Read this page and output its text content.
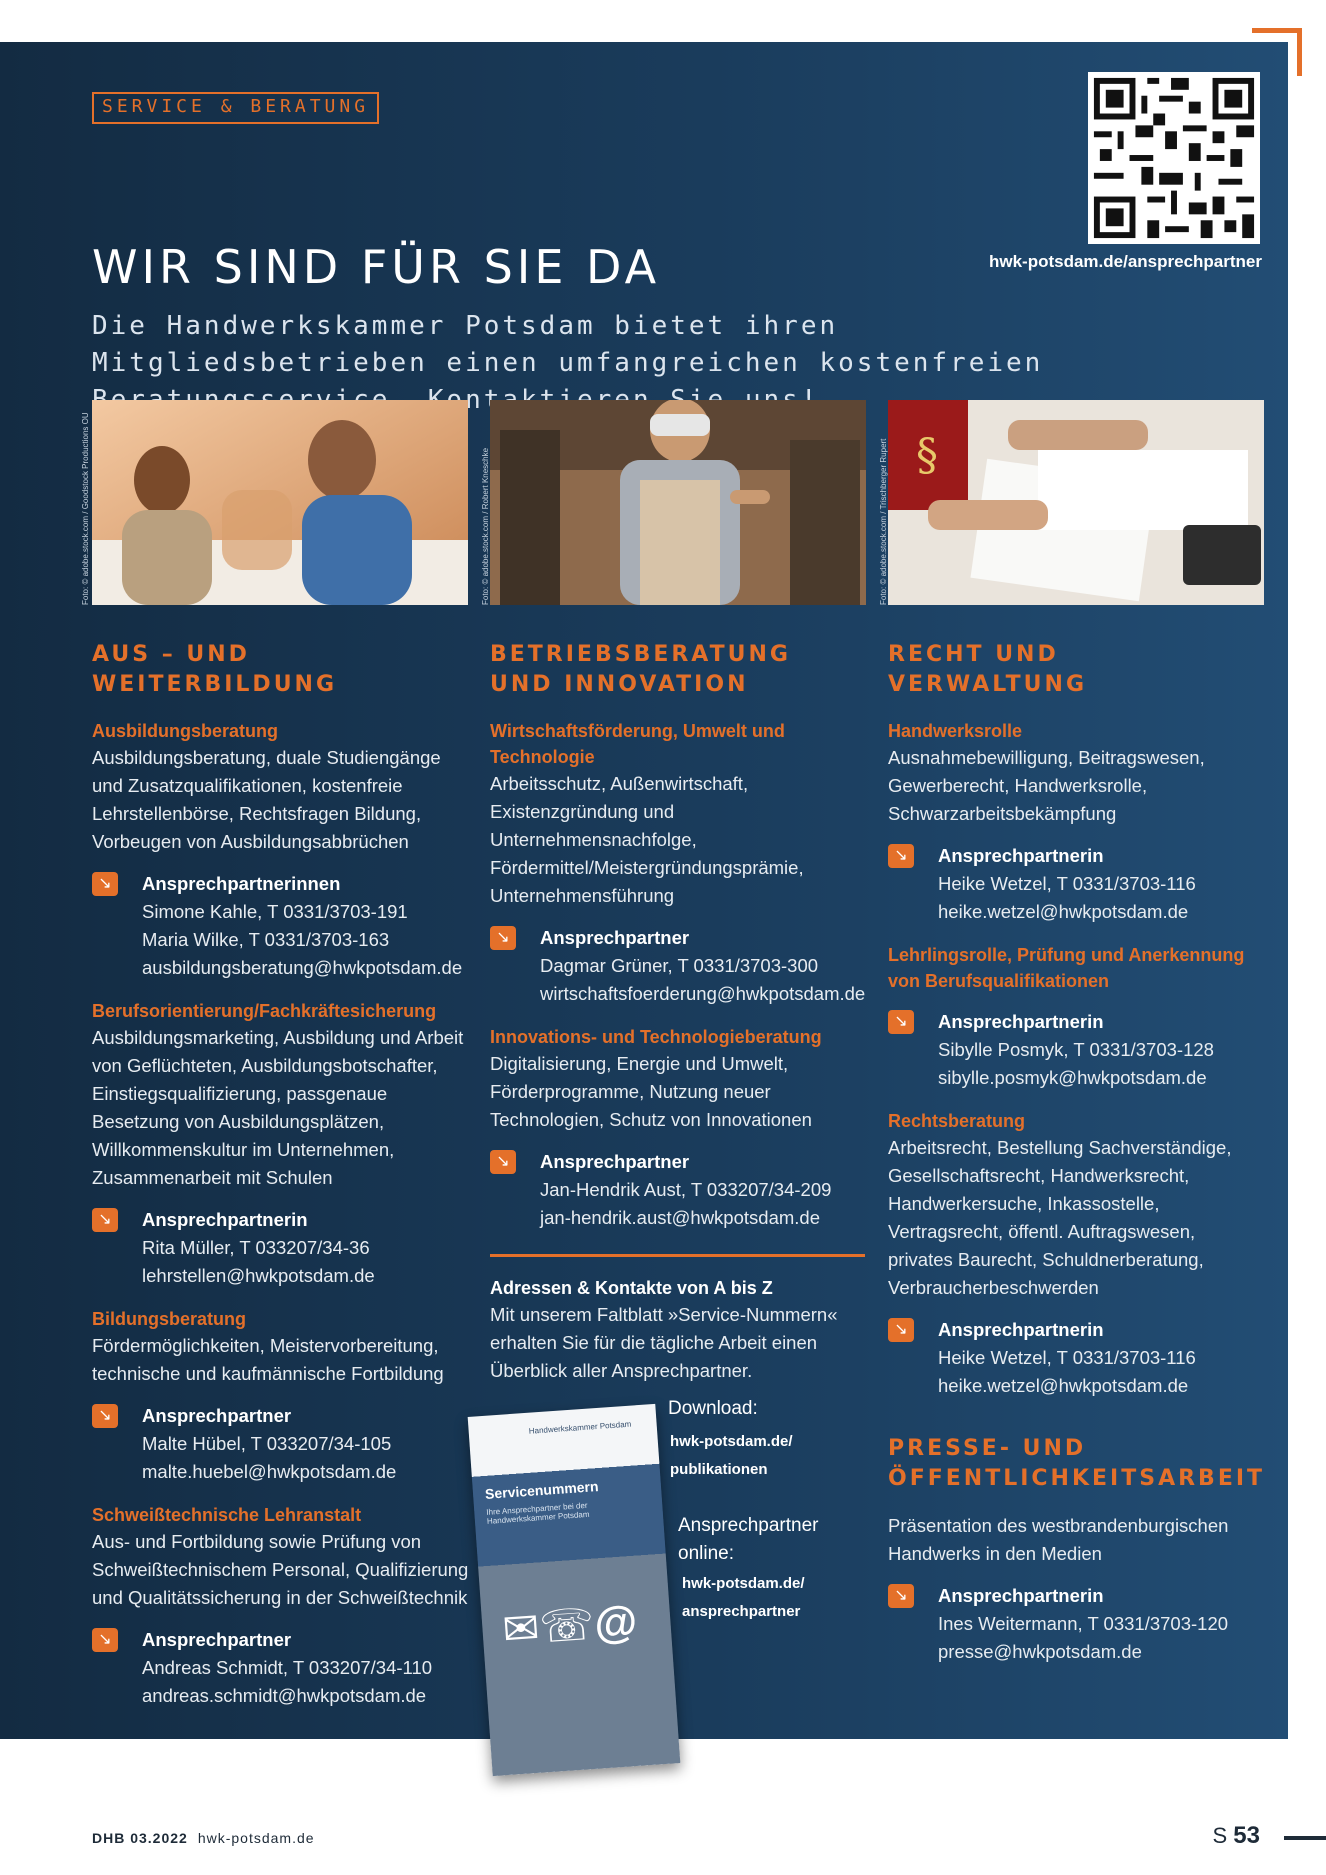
SERVICE & BERATUNG
hwk-potsdam.de/ansprechpartner
WIR SIND FÜR SIE DA
Die Handwerkskammer Potsdam bietet ihren Mitgliedsbetrieben einen umfangreichen kostenfreien
Foto: © adobe.stock.com / Goodstock Productions OU	Foto: © adobe.stock.com / Robert Kneschke	Foto: © adobe.stock.com / Trischberger Rupert §
AUS – UND
WEITERBILDUNG

Ausbildungsberatung

Ausbildungsberatung, duale Studiengänge und Zusatzqualifikationen, kostenfreie Lehrstellenbörse, Rechtsfragen Bildung, Vorbeugen von Ausbildungsabbrüchen

↘	Ansprechpartnerinnen
Simone Kahle, T 0331/3703-191
Maria Wilke, T 0331/3703-163
ausbildungsberatung@hwkpotsdam.de

Berufsorientierung/Fachkräftesicherung

Ausbildungsmarketing, Ausbildung und Arbeit von Geflüchteten, Ausbildungsbotschafter, Einstiegsqualifizierung, passgenaue Besetzung von Ausbildungsplätzen, Willkommenskultur im Unternehmen, Zusammenarbeit mit Schulen

↘	Ansprechpartnerin
Rita Müller, T 033207/34-36
lehrstellen@hwkpotsdam.de

Bildungsberatung

Fördermöglichkeiten, Meistervorbereitung, technische und kaufmännische Fortbildung

↘	Ansprechpartner
Malte Hübel, T 033207/34-105
malte.huebel@hwkpotsdam.de

Schweißtechnische Lehranstalt

Aus- und Fortbildung sowie Prüfung von Schweißtechnischem Personal, Qualifizierung und Qualitätssicherung in der Schweißtechnik

↘	Ansprechpartner
Andreas Schmidt, T 033207/34-110
andreas.schmidt@hwkpotsdam.de
BETRIEBSBERATUNG
UND INNOVATION

Wirtschaftsförderung, Umwelt und Technologie

Arbeitsschutz, Außenwirtschaft, Existenzgründung und Unternehmensnachfolge, Fördermittel/Meistergründungsprämie, Unternehmensführung

↘	Ansprechpartner
Dagmar Grüner, T 0331/3703-300
wirtschaftsfoerderung@hwkpotsdam.de

Innovations- und Technologieberatung

Digitalisierung, Energie und Umwelt, Förderprogramme, Nutzung neuer Technologien, Schutz von Innovationen

↘	Ansprechpartner
Jan-Hendrik Aust, T 033207/34-209
jan-hendrik.aust@hwkpotsdam.de

Adressen & Kontakte von A bis Z

Mit unserem Faltblatt »Service-Nummern« erhalten Sie für die tägliche Arbeit einen Überblick aller Ansprechpartner.

Handwerkskammer Potsdam
Servicenummern
Ihre Ansprechpartner bei der Handwerkskammer Potsdam
✉☏@
Download:
hwk-potsdam.de/
publikationen
Ansprechpartner
online:
hwk-potsdam.de/
ansprechpartner
RECHT UND
VERWALTUNG

Handwerksrolle

Ausnahmebewilligung, Beitragswesen, Gewerberecht, Handwerksrolle, Schwarzarbeitsbekämpfung

↘	Ansprechpartnerin
Heike Wetzel, T 0331/3703-116
heike.wetzel@hwkpotsdam.de

Lehrlingsrolle, Prüfung und Anerkennung von Berufsqualifikationen

↘	Ansprechpartnerin
Sibylle Posmyk, T 0331/3703-128
sibylle.posmyk@hwkpotsdam.de

Rechtsberatung

Arbeitsrecht, Bestellung Sachverständige, Gesellschaftsrecht, Handwerksrecht, Handwerkersuche, Inkassostelle, Vertragsrecht, öffentl. Auftragswesen, privates Baurecht, Schuldnerberatung, Verbraucherbeschwerden

↘	Ansprechpartnerin
Heike Wetzel, T 0331/3703-116
heike.wetzel@hwkpotsdam.de
PRESSE- UND
ÖFFENTLICHKEITSARBEIT

Präsentation des westbrandenburgischen Handwerks in den Medien

↘	Ansprechpartnerin
Ines Weitermann, T 0331/3703-120
presse@hwkpotsdam.de
DHB 03.2022 hwk-potsdam.de	S 53
